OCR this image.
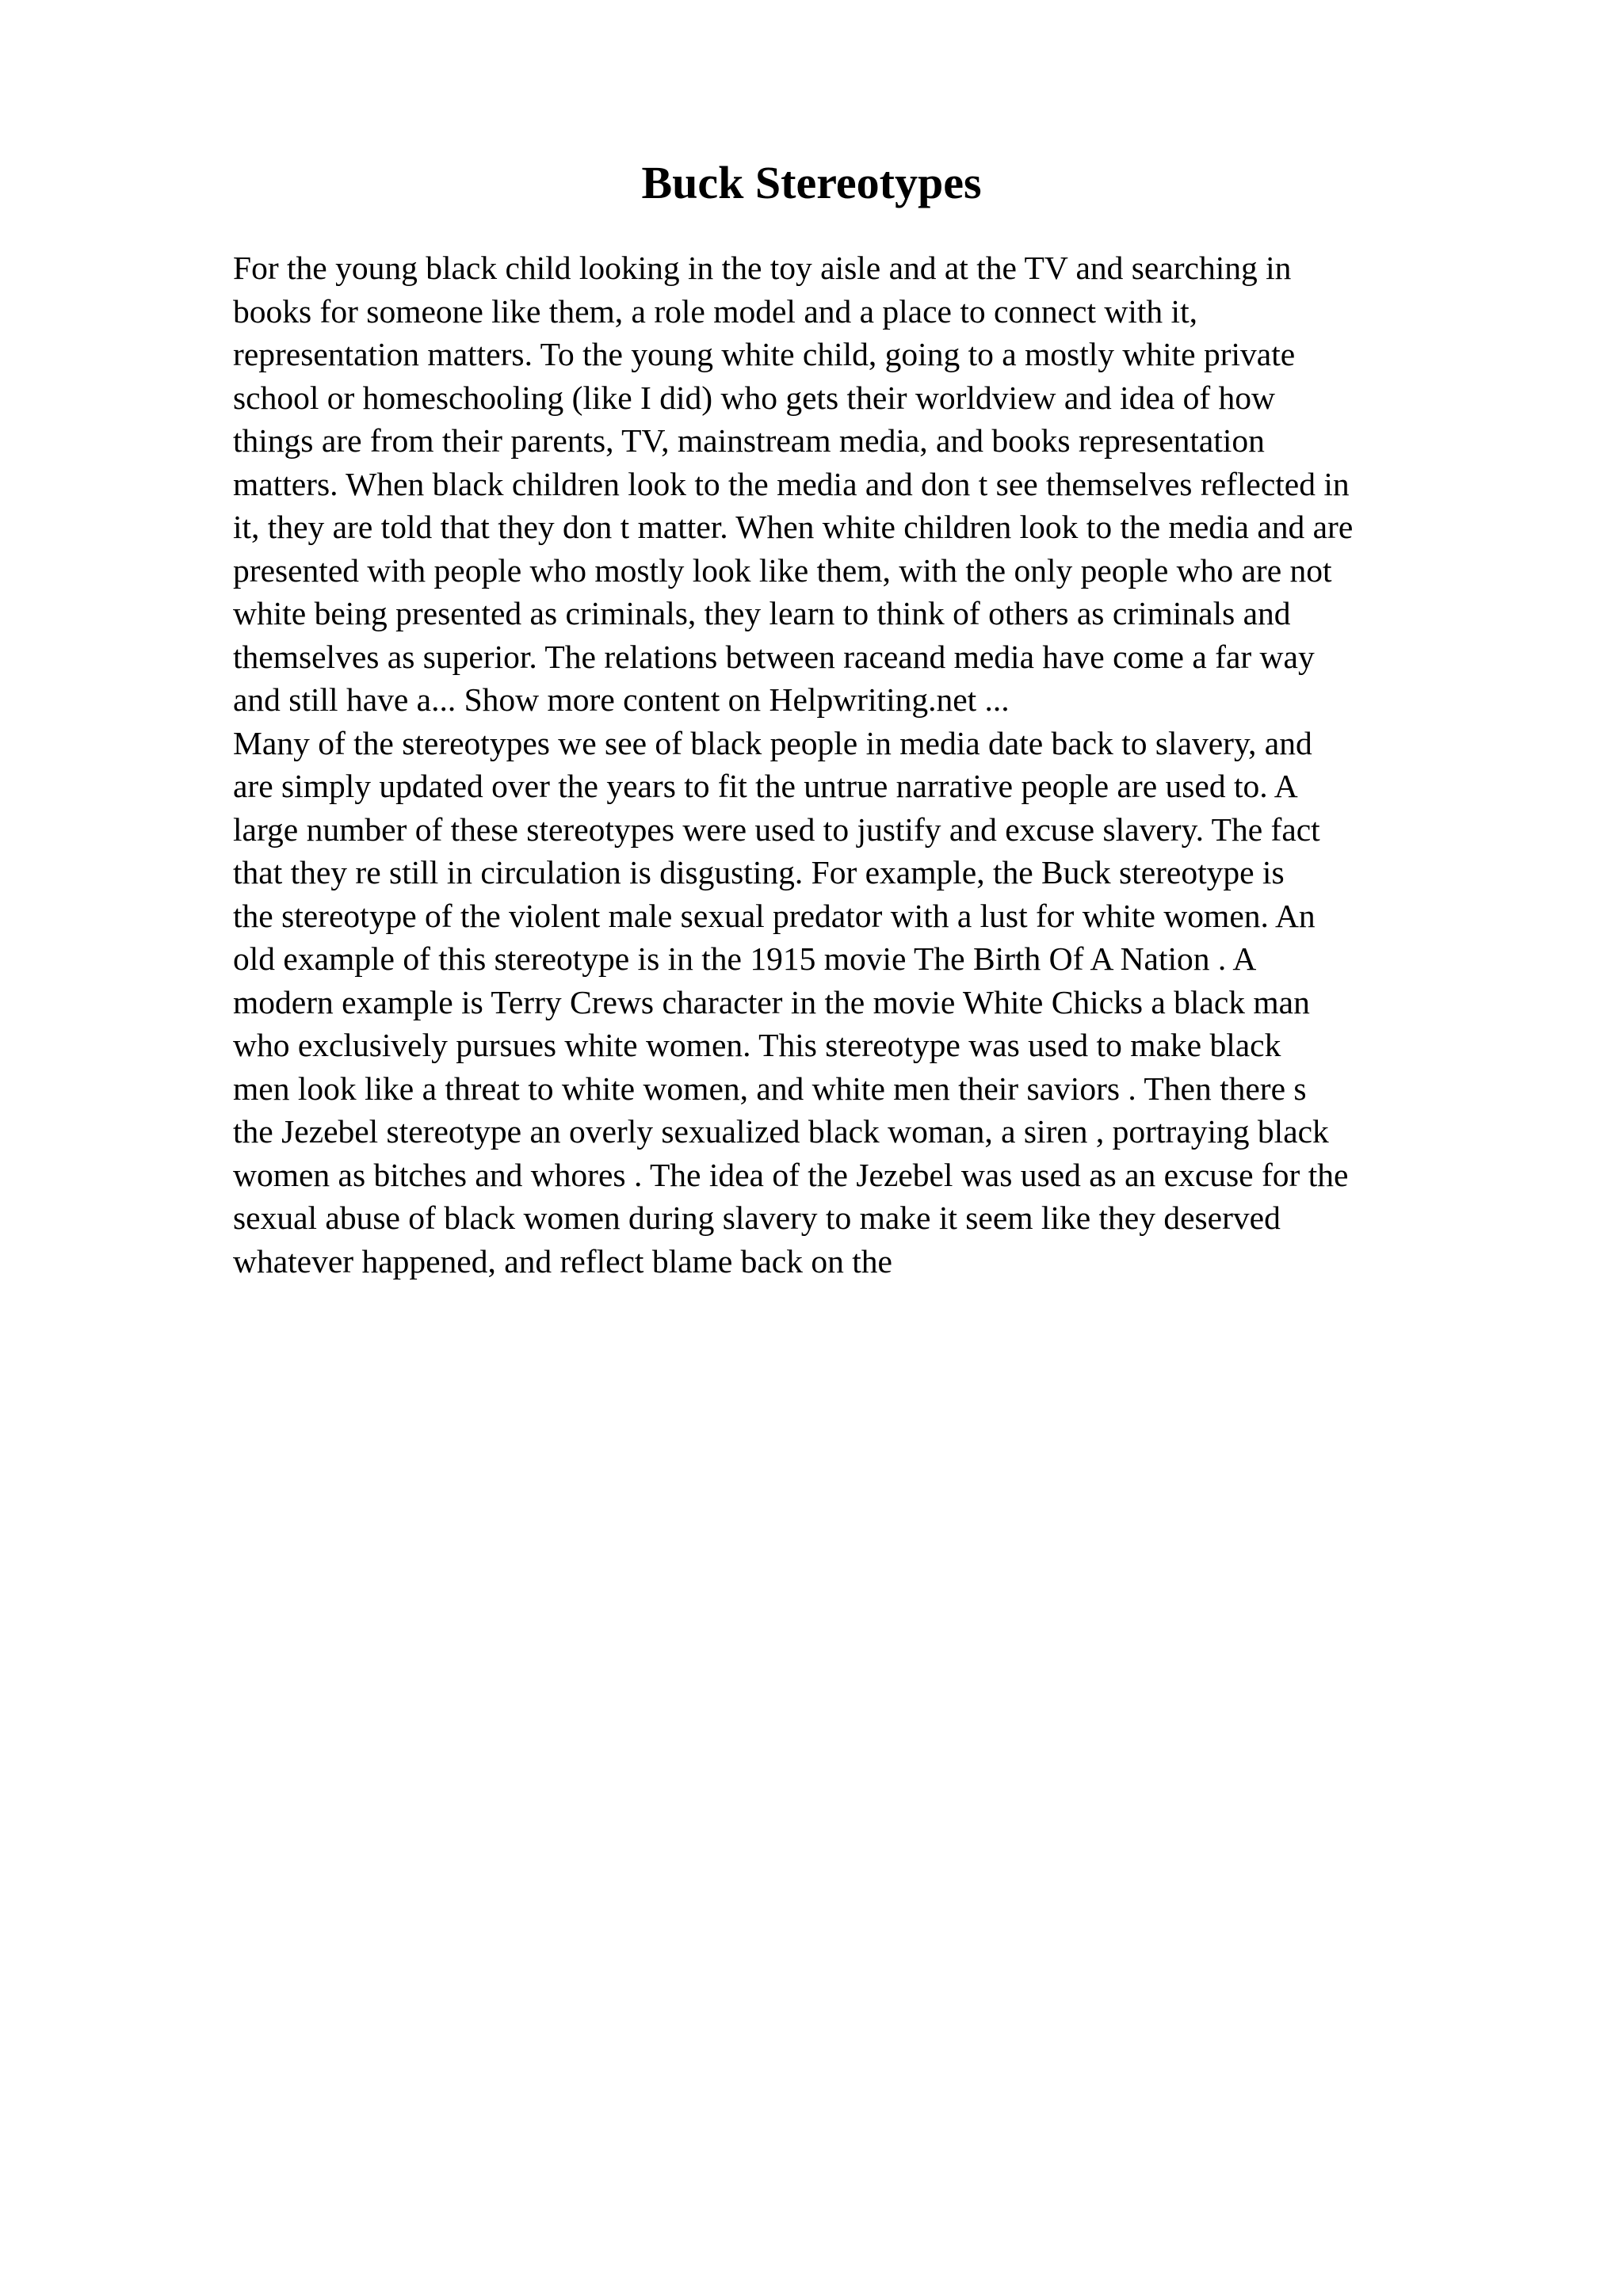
Buck Stereotypes
For the young black child looking in the toy aisle and at the TV and searching in
books for someone like them, a role model and a place to connect with it,
representation matters. To the young white child, going to a mostly white private
school or homeschooling (like I did) who gets their worldview and idea of how
things are from their parents, TV, mainstream media, and books representation
matters. When black children look to the media and don t see themselves reflected in
it, they are told that they don t matter. When white children look to the media and are
presented with people who mostly look like them, with the only people who are not
white being presented as criminals, they learn to think of others as criminals and
themselves as superior. The relations between raceand media have come a far way
and still have a... Show more content on Helpwriting.net ...
Many of the stereotypes we see of black people in media date back to slavery, and
are simply updated over the years to fit the untrue narrative people are used to. A
large number of these stereotypes were used to justify and excuse slavery. The fact
that they re still in circulation is disgusting. For example, the Buck stereotype is
the stereotype of the violent male sexual predator with a lust for white women. An
old example of this stereotype is in the 1915 movie The Birth Of A Nation . A
modern example is Terry Crews character in the movie White Chicks a black man
who exclusively pursues white women. This stereotype was used to make black
men look like a threat to white women, and white men their saviors . Then there s
the Jezebel stereotype an overly sexualized black woman, a siren , portraying black
women as bitches and whores . The idea of the Jezebel was used as an excuse for the
sexual abuse of black women during slavery to make it seem like they deserved
whatever happened, and reflect blame back on the
